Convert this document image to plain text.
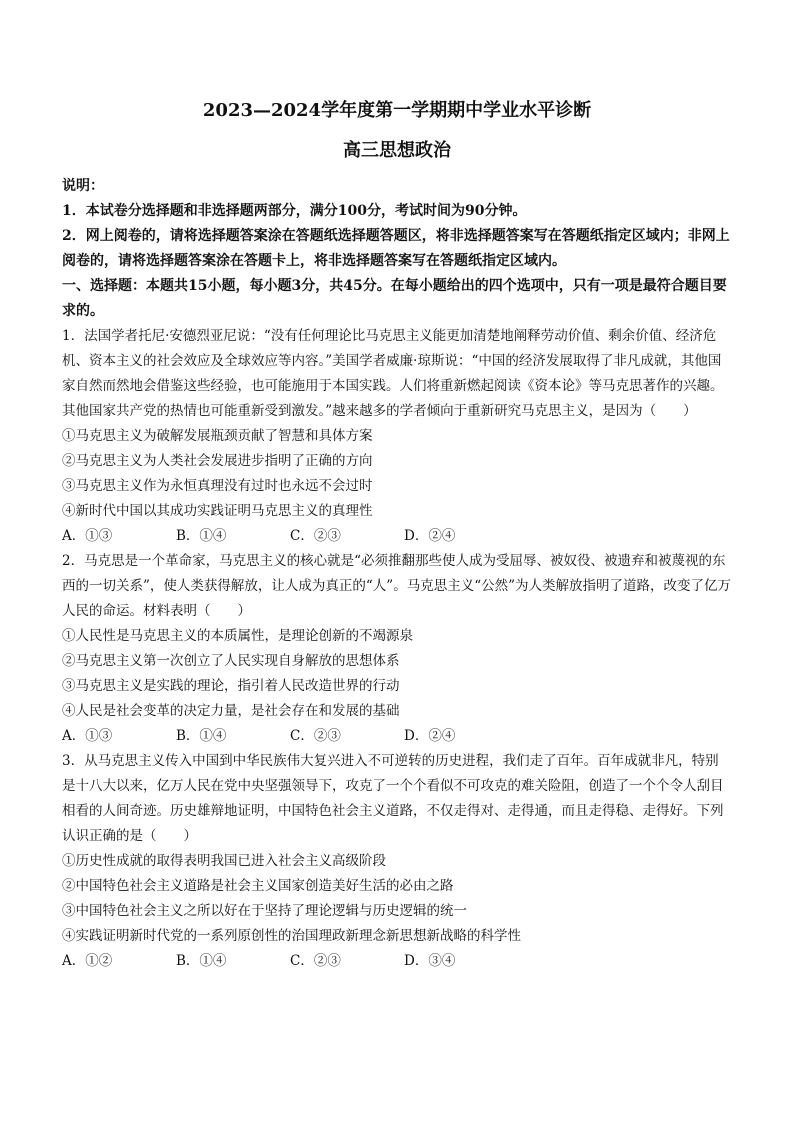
2023—2024学年度第一学期期中学业水平诊断

高三思想政治

说明：

1．本试卷分选择题和非选择题两部分，满分100分，考试时间为90分钟。

2．网上阅卷的，请将选择题答案涂在答题纸选择题答题区，将非选择题答案写在答题纸指定区域内；非网上阅卷的，请将选择题答案涂在答题卡上，将非选择题答案写在答题纸指定区域内。

一、选择题：本题共15小题，每小题3分，共45分。在每小题给出的四个选项中，只有一项是最符合题目要求的。

1．法国学者托尼·安德烈亚尼说：“没有任何理论比马克思主义能更加清楚地阐释劳动价值、剩余价值、经济危机、资本主义的社会效应及全球效应等内容。”美国学者威廉·琼斯说：“中国的经济发展取得了非凡成就，其他国家自然而然地会借鉴这些经验，也可能施用于本国实践。人们将重新燃起阅读《资本论》等马克思著作的兴趣。其他国家共产党的热情也可能重新受到激发。”越来越多的学者倾向于重新研究马克思主义，是因为（　　）

①马克思主义为破解发展瓶颈贡献了智慧和具体方案

②马克思主义为人类社会发展进步指明了正确的方向

③马克思主义作为永恒真理没有过时也永远不会过时

④新时代中国以其成功实践证明马克思主义的真理性

A．①③	B．①④	C．②③	D．②④

2．马克思是一个革命家，马克思主义的核心就是“必须推翻那些使人成为受屈辱、被奴役、被遗弃和被蔑视的东西的一切关系”，使人类获得解放，让人成为真正的“人”。马克思主义“公然”为人类解放指明了道路，改变了亿万人民的命运。材料表明（　　）

①人民性是马克思主义的本质属性，是理论创新的不竭源泉

②马克思主义第一次创立了人民实现自身解放的思想体系

③马克思主义是实践的理论，指引着人民改造世界的行动

④人民是社会变革的决定力量，是社会存在和发展的基础

A．①③	B．①④	C．②③	D．②④

3．从马克思主义传入中国到中华民族伟大复兴进入不可逆转的历史进程，我们走了百年。百年成就非凡，特别是十八大以来，亿万人民在党中央坚强领导下，攻克了一个个看似不可攻克的难关险阻，创造了一个个令人刮目相看的人间奇迹。历史雄辩地证明，中国特色社会主义道路，不仅走得对、走得通，而且走得稳、走得好。下列认识正确的是（　　）

①历史性成就的取得表明我国已进入社会主义高级阶段

②中国特色社会主义道路是社会主义国家创造美好生活的必由之路

③中国特色社会主义之所以好在于坚持了理论逻辑与历史逻辑的统一

④实践证明新时代党的一系列原创性的治国理政新理念新思想新战略的科学性

A．①②	B．①④	C．②③	D．③④
